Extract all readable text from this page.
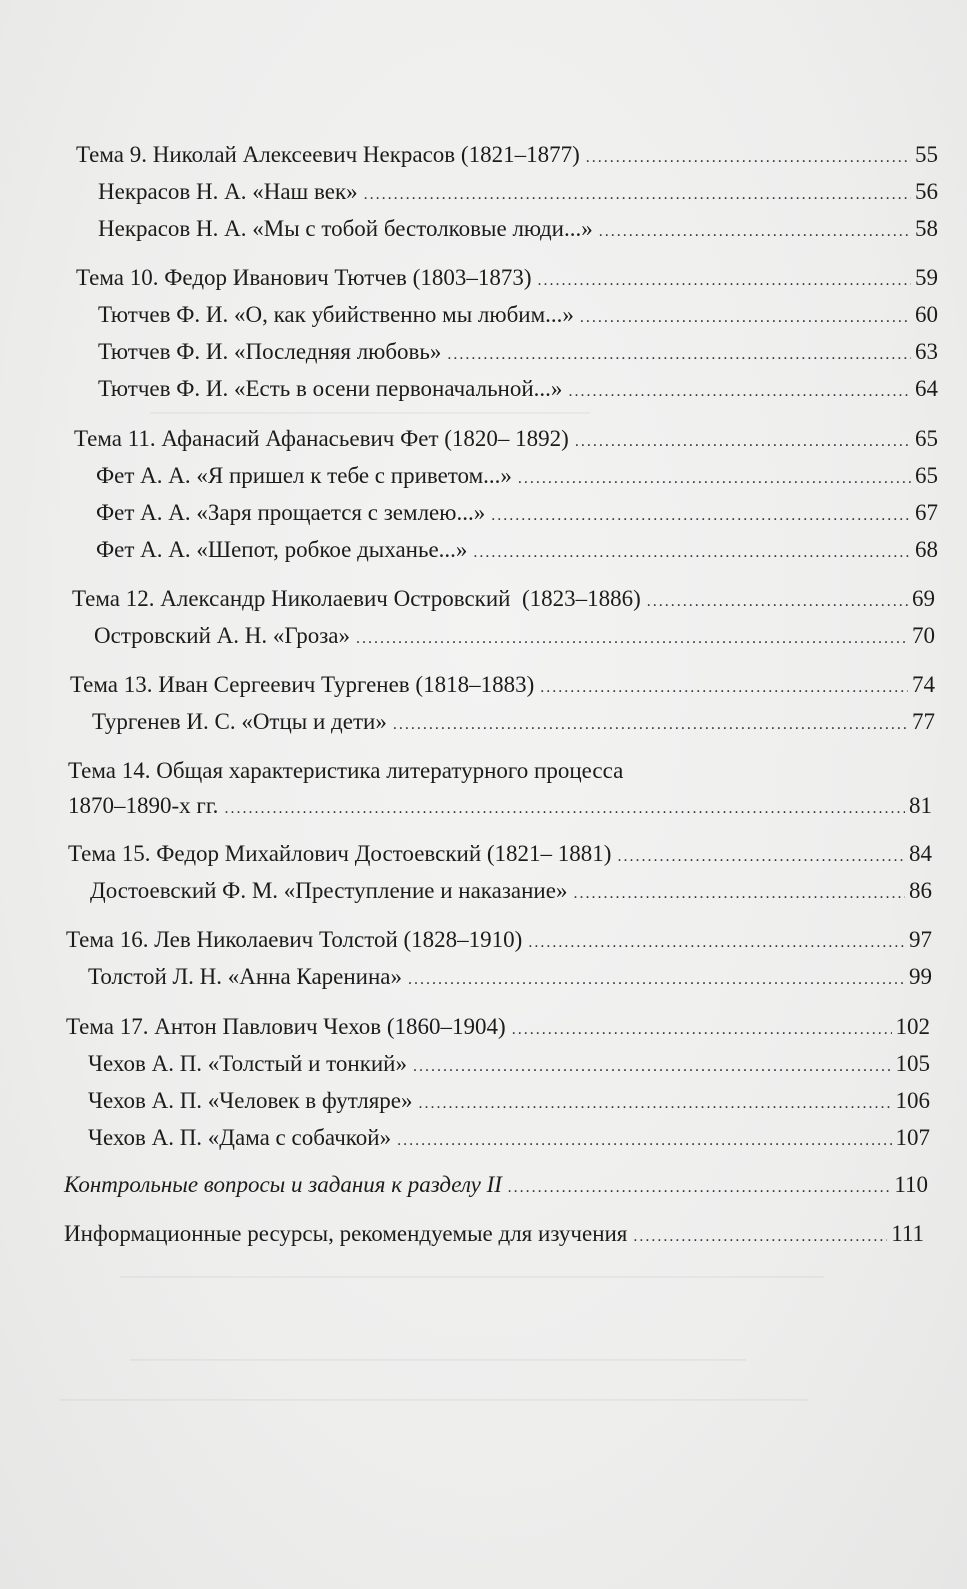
Тема 9. Николай Алексеевич Некрасов (1821–1877) .....	55
Некрасов Н. А. «Наш век» .....	56
Некрасов Н. А. «Мы с тобой бестолковые люди...» .....	58
Тема 10. Федор Иванович Тютчев (1803–1873) .....	59
Тютчев Ф. И. «О, как убийственно мы любим...» .....	60
Тютчев Ф. И. «Последняя любовь» .....	63
Тютчев Ф. И. «Есть в осени первоначальной...» .....	64
Тема 11. Афанасий Афанасьевич Фет (1820– 1892) .....	65
Фет А. А. «Я пришел к тебе с приветом...» .....	65
Фет А. А. «Заря прощается с землею...» .....	67
Фет А. А. «Шепот, робкое дыханье...» .....	68
Тема 12. Александр Николаевич Островский  (1823–1886) .....	69
Островский А. Н. «Гроза» .....	70
Тема 13. Иван Сергеевич Тургенев (1818–1883) .....	74
Тургенев И. С. «Отцы и дети» .....	77
Тема 14. Общая характеристика литературного процесса
1870–1890-х гг. .....	81
Тема 15. Федор Михайлович Достоевский (1821– 1881) .....	84
Достоевский Ф. М. «Преступление и наказание» .....	86
Тема 16. Лев Николаевич Толстой (1828–1910) .....	97
Толстой Л. Н. «Анна Каренина» .....	99
Тема 17. Антон Павлович Чехов (1860–1904) .....	102
Чехов А. П. «Толстый и тонкий» .....	105
Чехов А. П. «Человек в футляре» .....	106
Чехов А. П. «Дама с собачкой» .....	107
Контрольные вопросы и задания к разделу II .....	110
Информационные ресурсы, рекомендуемые для изучения .....	111
————————————————————
————————————————————————————————
————————————————————————————
——————————————————————————————————
